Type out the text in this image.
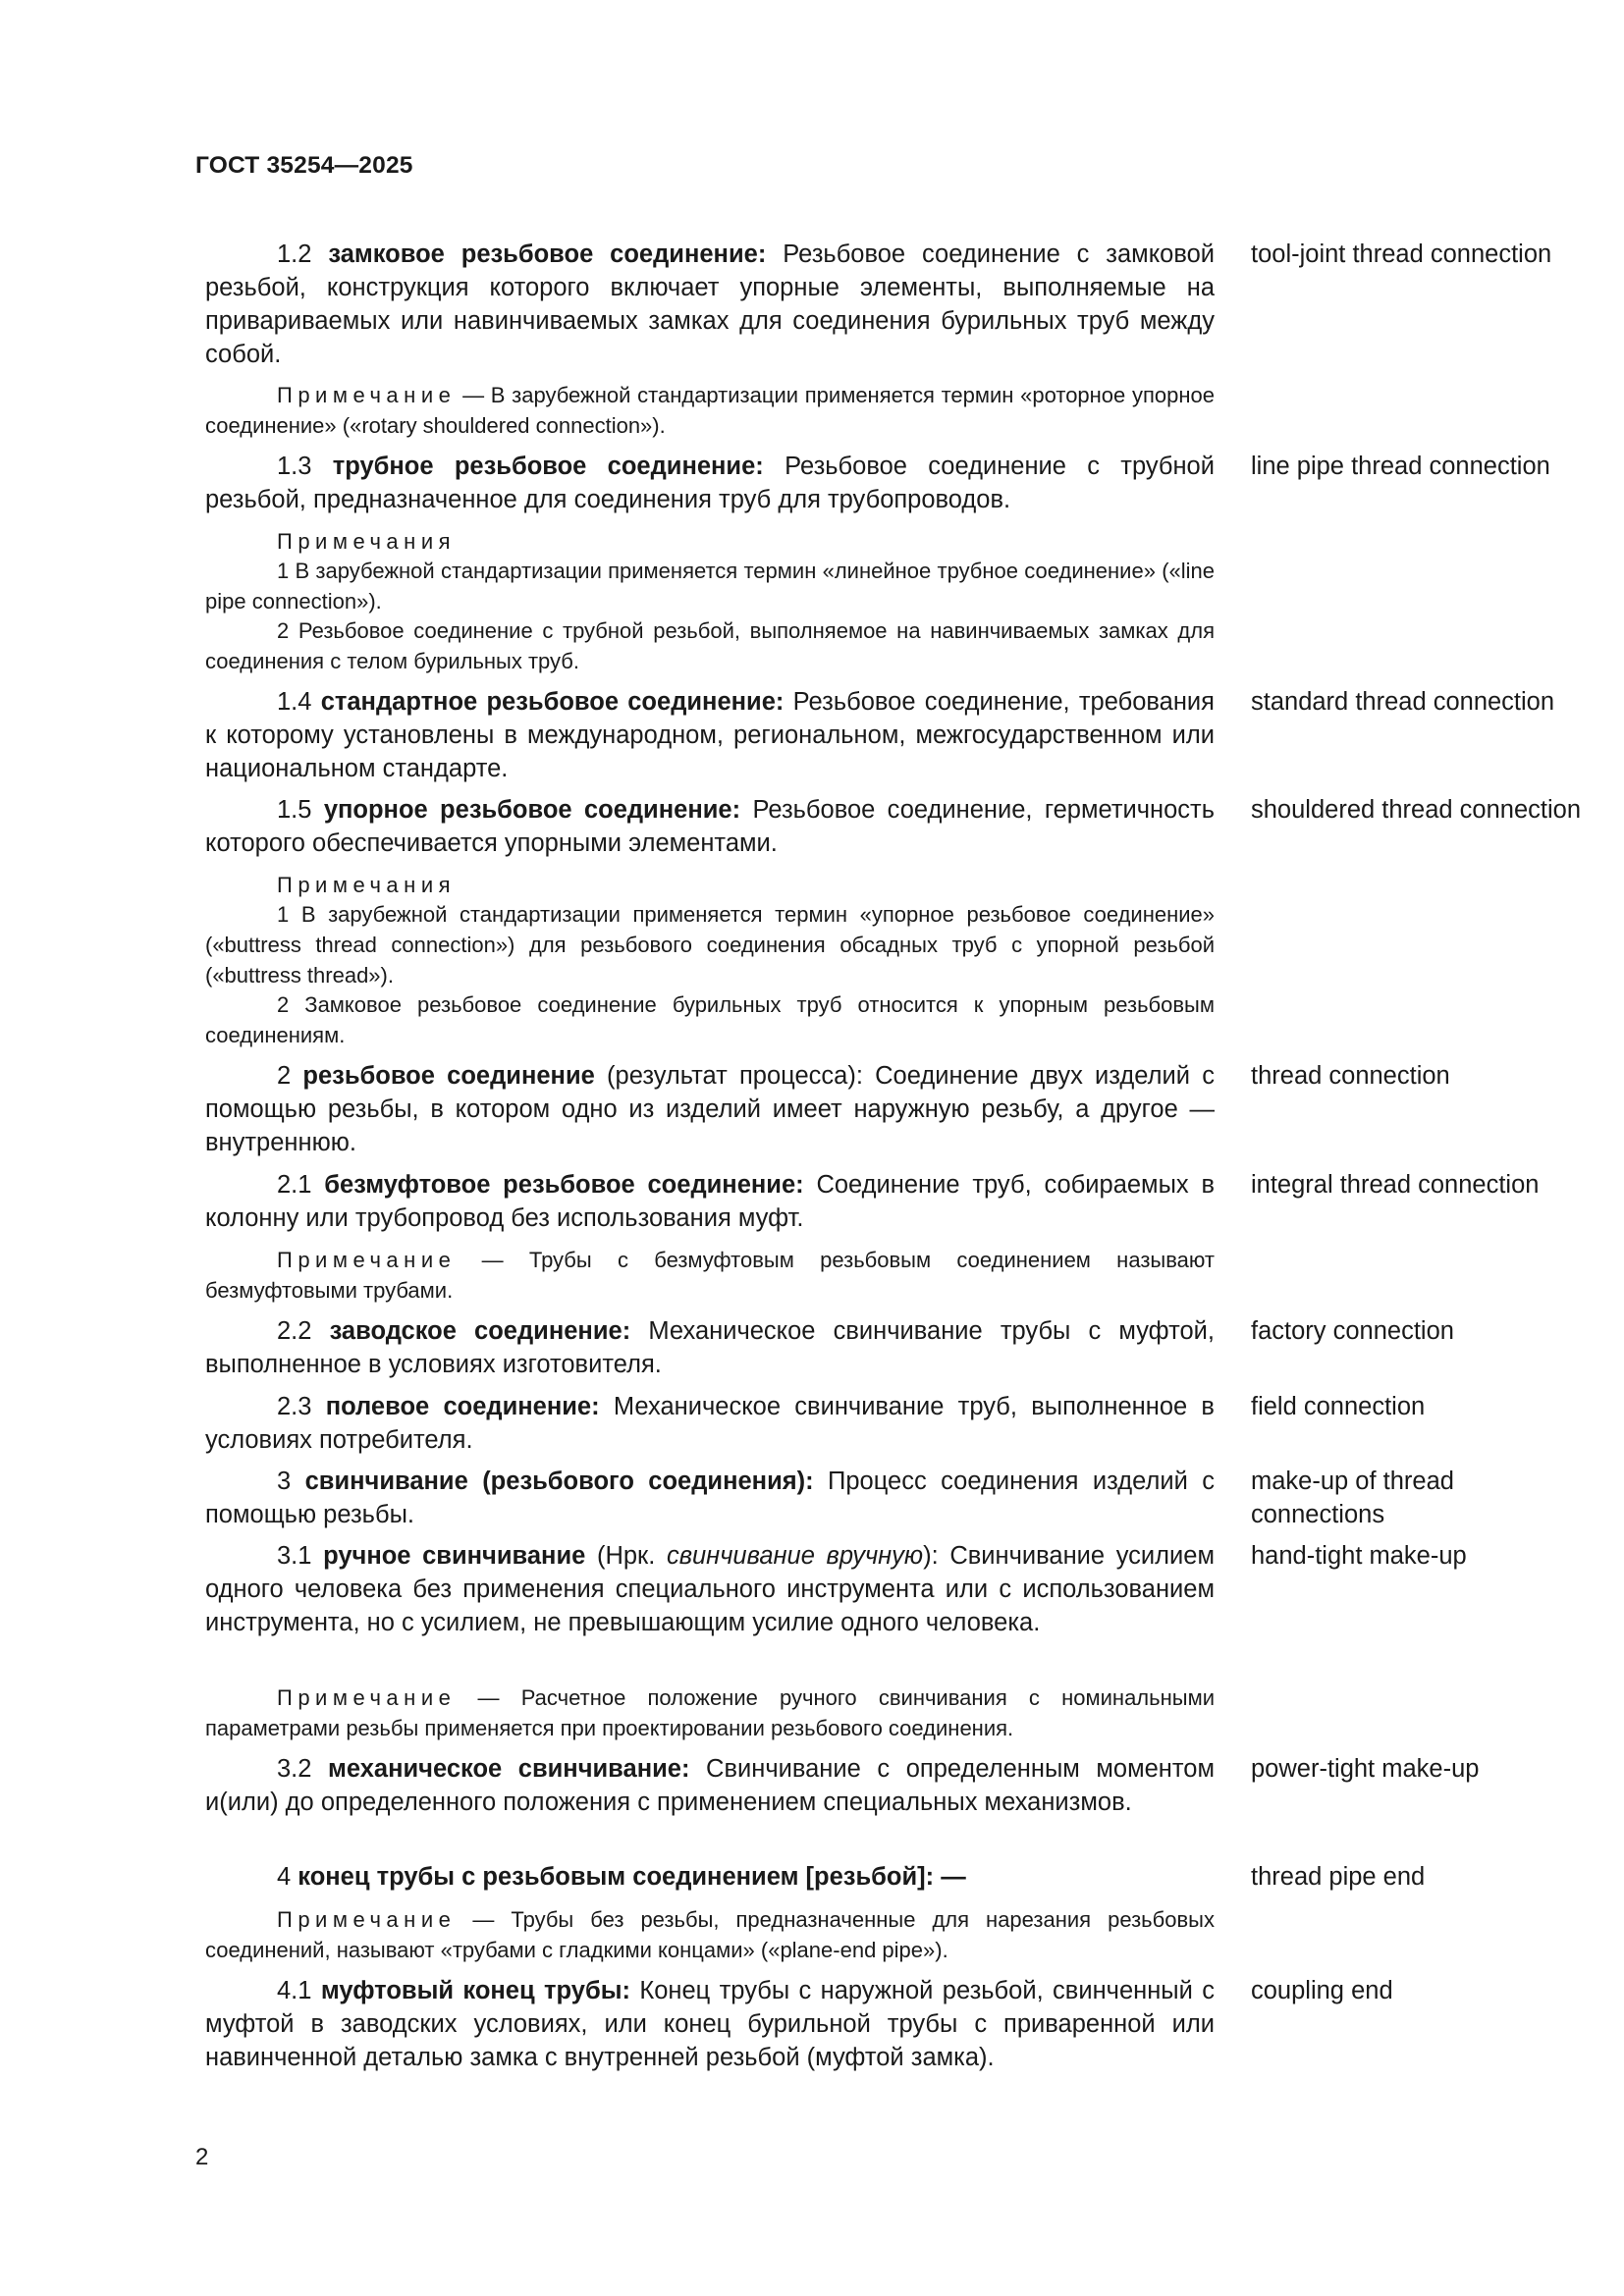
ГОСТ 35254—2025

1.2 замковое резьбовое соединение: Резьбовое соединение с замковой резьбой, конструкция которого включает упорные элементы, выполняемые на привариваемых или навинчиваемых замках для соединения бурильных труб между собой.

tool-joint thread connection

Примечание — В зарубежной стандартизации применяется термин «роторное упорное соединение» («rotary shouldered connection»).

1.3 трубное резьбовое соединение: Резьбовое соединение с трубной резьбой, предназначенное для соединения труб для трубопроводов.

line pipe thread connection

Примечания

1 В зарубежной стандартизации применяется термин «линейное трубное соединение» («line pipe connection»).

2 Резьбовое соединение с трубной резьбой, выполняемое на навинчиваемых замках для соединения с телом бурильных труб.

1.4 стандартное резьбовое соединение: Резьбовое соединение, требования к которому установлены в международном, региональном, межгосударственном или национальном стандарте.

standard thread connection

1.5 упорное резьбовое соединение: Резьбовое соединение, герметичность которого обеспечивается упорными элементами.

shouldered thread connection

Примечания

1 В зарубежной стандартизации применяется термин «упорное резьбовое соединение» («buttress thread connection») для резьбового соединения обсадных труб с упорной резьбой («buttress thread»).

2 Замковое резьбовое соединение бурильных труб относится к упорным резьбовым соединениям.

2 резьбовое соединение (результат процесса): Соединение двух изделий с помощью резьбы, в котором одно из изделий имеет наружную резьбу, а другое — внутреннюю.

thread connection

2.1 безмуфтовое резьбовое соединение: Соединение труб, собираемых в колонну или трубопровод без использования муфт.

integral thread connection

Примечание — Трубы с безмуфтовым резьбовым соединением называют безмуфтовыми трубами.

2.2 заводское соединение: Механическое свинчивание трубы с муфтой, выполненное в условиях изготовителя.

factory connection

2.3 полевое соединение: Механическое свинчивание труб, выполненное в условиях потребителя.

field connection

3 свинчивание (резьбового соединения): Процесс соединения изделий с помощью резьбы.

make-up of thread connections

3.1 ручное свинчивание (Нрк. свинчивание вручную): Свинчивание усилием одного человека без применения специального инструмента или с использованием инструмента, но с усилием, не превышающим усилие одного человека.

hand-tight make-up

Примечание — Расчетное положение ручного свинчивания с номинальными параметрами резьбы применяется при проектировании резьбового соединения.

3.2 механическое свинчивание: Свинчивание с определенным моментом и(или) до определенного положения с применением специальных механизмов.

power-tight make-up

4 конец трубы с резьбовым соединением [резьбой]: —	thread pipe end

Примечание — Трубы без резьбы, предназначенные для нарезания резьбовых соединений, называют «трубами с гладкими концами» («plane-end pipe»).

4.1 муфтовый конец трубы: Конец трубы с наружной резьбой, свинченный с муфтой в заводских условиях, или конец бурильной трубы с приваренной или навинченной деталью замка с внутренней резьбой (муфтой замка).

coupling end

2
